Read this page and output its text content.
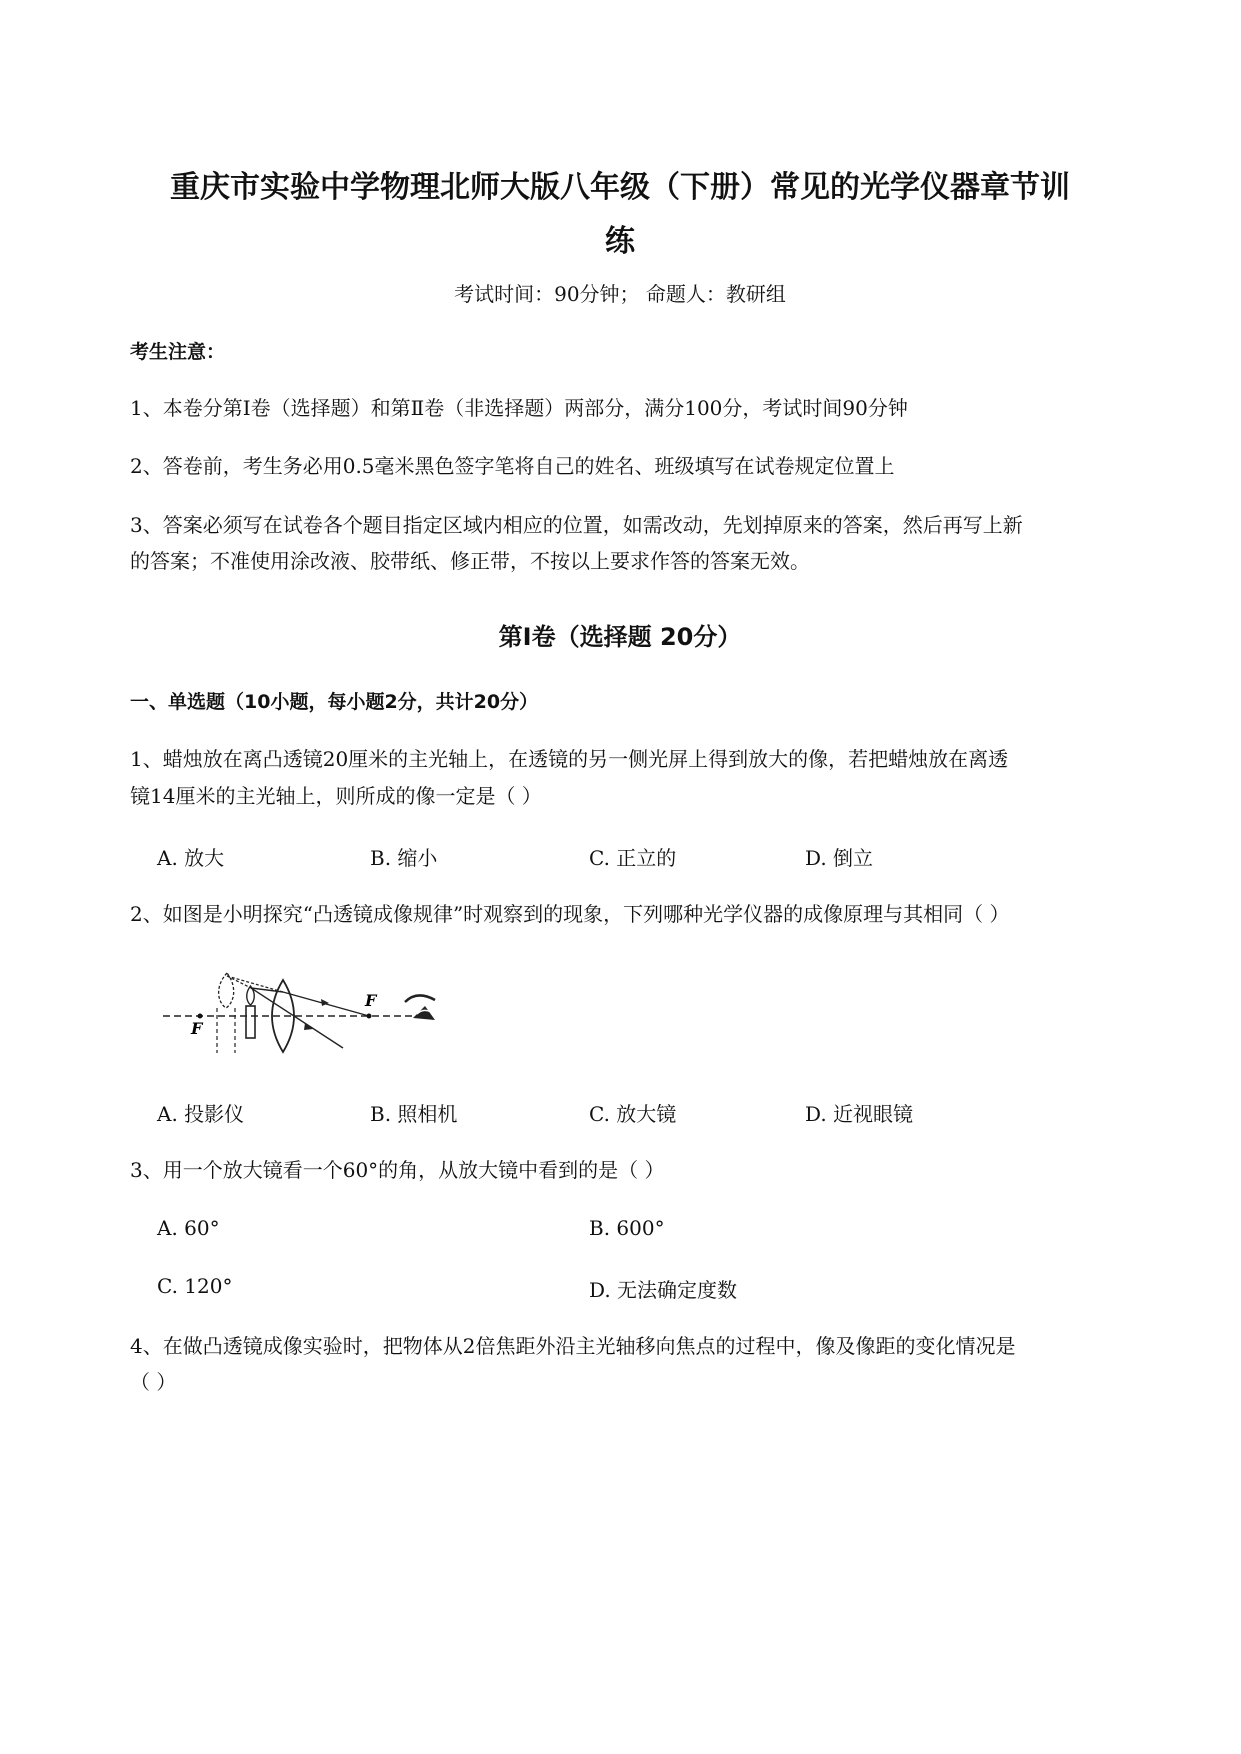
重庆市实验中学物理北师大版八年级（下册）常见的光学仪器章节训
练
考试时间：90分钟； 命题人：教研组
考生注意：
1、本卷分第Ⅰ卷（选择题）和第Ⅱ卷（非选择题）两部分，满分100分，考试时间90分钟
2、答卷前，考生务必用0.5毫米黑色签字笔将自己的姓名、班级填写在试卷规定位置上
3、答案必须写在试卷各个题目指定区域内相应的位置，如需改动，先划掉原来的答案，然后再写上新
的答案；不准使用涂改液、胶带纸、修正带，不按以上要求作答的答案无效。
第Ⅰ卷（选择题 20分）
一、单选题（10小题，每小题2分，共计20分）
1、蜡烛放在离凸透镜20厘米的主光轴上，在透镜的另一侧光屏上得到放大的像，若把蜡烛放在离透
镜14厘米的主光轴上，则所成的像一定是（ ）
A. 放大	B. 缩小	C. 正立的	D. 倒立
2、如图是小明探究“凸透镜成像规律”时观察到的现象，下列哪种光学仪器的成像原理与其相同（ ）
F
F
A. 投影仪	B. 照相机	C. 放大镜	D. 近视眼镜
3、用一个放大镜看一个60°的角，从放大镜中看到的是（ ）
A. 60°	B. 600°
C. 120°	D. 无法确定度数
4、在做凸透镜成像实验时，把物体从2倍焦距外沿主光轴移向焦点的过程中，像及像距的变化情况是
（ ）
